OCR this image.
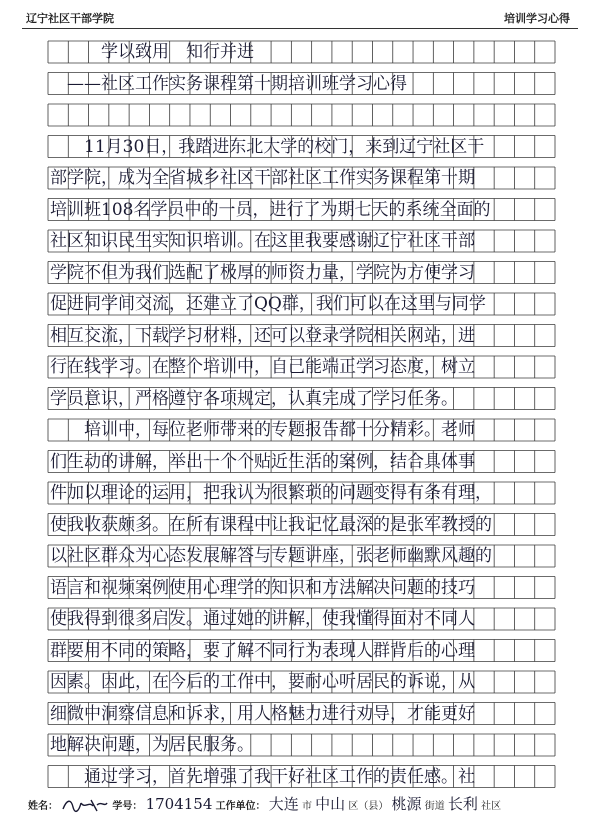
辽宁社区干部学院	培训学习心得
　　　学以致用　知行并进
　——社区工作实务课程第十期培训班学习心得
　　11月30日，我踏进东北大学的校门，来到辽宁社区干
部学院，成为全省城乡社区干部社区工作实务课程第十期
培训班108名学员中的一员，进行了为期七天的系统全面的
社区知识民生实知识培训。在这里我要感谢辽宁社区干部
学院不但为我们选配了极厚的师资力量，学院为方便学习
促进同学间交流，还建立了QQ群，我们可以在这里与同学
相互交流，下载学习材料，还可以登录学院相关网站，进
行在线学习。在整个培训中，自己能端正学习态度，树立
学员意识，严格遵守各项规定，认真完成了学习任务。
　　培训中，每位老师带来的专题报告都十分精彩。老师
们生动的讲解，举出一个个贴近生活的案例，结合具体事
件加以理论的运用，把我认为很繁琐的问题变得有条有理，
使我收获颇多。在所有课程中让我记忆最深的是张军教授的
以社区群众为心态发展解答与专题讲座，张老师幽默风趣的
语言和视频案例使用心理学的知识和方法解决问题的技巧
使我得到很多启发。通过她的讲解，使我懂得面对不同人
群要用不同的策略，要了解不同行为表现人群背后的心理
因素。因此，在今后的工作中，要耐心听居民的诉说，从
细微中洞察信息和诉求，用人格魅力进行劝导，才能更好
地解决问题，为居民服务。
　　通过学习，首先增强了我干好社区工作的责任感。社
姓名：	学号： 1704154 工作单位： 大连 市 中山 区（县） 桃源 街道 长利 社区
